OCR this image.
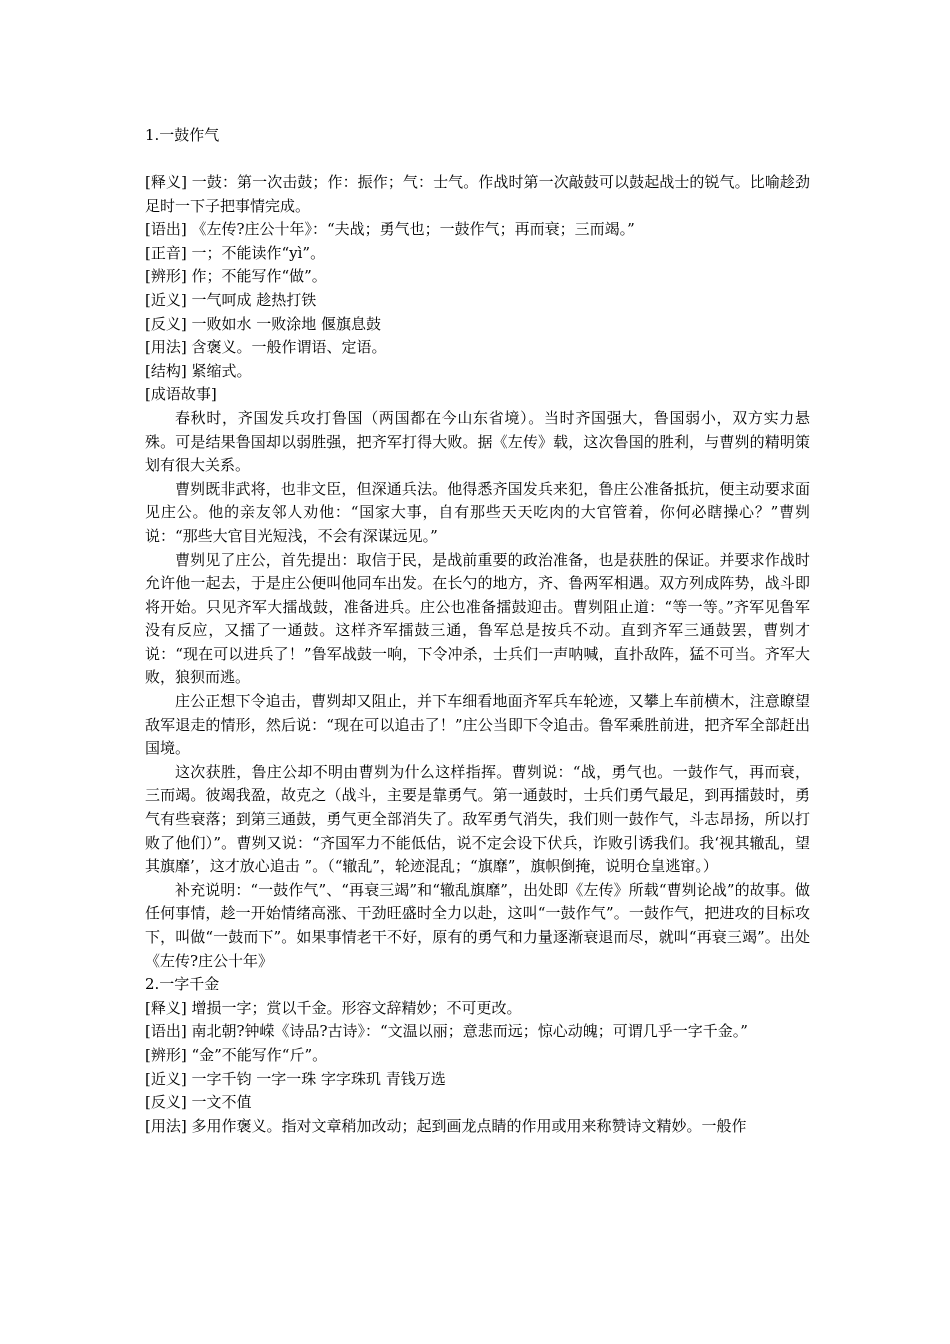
1.一鼓作气

[释义] 一鼓：第一次击鼓；作：振作；气：士气。作战时第一次敲鼓可以鼓起战士的锐气。比喻趁劲足时一下子把事情完成。

[语出] 《左传?庄公十年》：“夫战；勇气也；一鼓作气；再而衰；三而竭。”

[正音] 一；不能读作“yì”。

[辨形] 作；不能写作“做”。

[近义] 一气呵成 趁热打铁

[反义] 一败如水 一败涂地 偃旗息鼓

[用法] 含褒义。一般作谓语、定语。

[结构] 紧缩式。

[成语故事]

春秋时，齐国发兵攻打鲁国（两国都在今山东省境）。当时齐国强大，鲁国弱小，双方实力悬殊。可是结果鲁国却以弱胜强，把齐军打得大败。据《左传》载，这次鲁国的胜利，与曹刿的精明策划有很大关系。

曹刿既非武将，也非文臣，但深通兵法。他得悉齐国发兵来犯，鲁庄公准备抵抗，便主动要求面见庄公。他的亲友邻人劝他：“国家大事，自有那些天天吃肉的大官管着，你何必瞎操心？”曹刿说：“那些大官目光短浅，不会有深谋远见。”

曹刿见了庄公，首先提出：取信于民，是战前重要的政治准备，也是获胜的保证。并要求作战时允许他一起去，于是庄公便叫他同车出发。在长勺的地方，齐、鲁两军相遇。双方列成阵势，战斗即将开始。只见齐军大擂战鼓，准备进兵。庄公也准备擂鼓迎击。曹刿阻止道：“等一等。”齐军见鲁军没有反应，又擂了一通鼓。这样齐军擂鼓三通，鲁军总是按兵不动。直到齐军三通鼓罢，曹刿才说：“现在可以进兵了！”鲁军战鼓一响，下令冲杀，士兵们一声呐喊，直扑敌阵，猛不可当。齐军大败，狼狈而逃。

庄公正想下令追击，曹刿却又阻止，并下车细看地面齐军兵车轮迹，又攀上车前横木，注意瞭望敌军退走的情形，然后说：“现在可以追击了！”庄公当即下令追击。鲁军乘胜前进，把齐军全部赶出国境。

这次获胜，鲁庄公却不明由曹刿为什么这样指挥。曹刿说：“战，勇气也。一鼓作气，再而衰，三而竭。彼竭我盈，故克之（战斗，主要是靠勇气。第一通鼓时，士兵们勇气最足，到再擂鼓时，勇气有些衰落；到第三通鼓，勇气更全部消失了。敌军勇气消失，我们则一鼓作气，斗志昂扬，所以打败了他们）”。曹刿又说：“齐国军力不能低估，说不定会设下伏兵，诈败引诱我们。我‘视其辙乱，望其旗靡’，这才放心追击 ”。（“辙乱”，轮迹混乱；“旗靡”，旗帜倒掩，说明仓皇逃窜。）

补充说明：“一鼓作气”、“再衰三竭”和“辙乱旗靡”，出处即《左传》所载“曹刿论战”的故事。做任何事情，趁一开始情绪高涨、干劲旺盛时全力以赴，这叫“一鼓作气”。一鼓作气，把进攻的目标攻下，叫做“一鼓而下”。如果事情老干不好，原有的勇气和力量逐渐衰退而尽，就叫“再衰三竭”。出处《左传?庄公十年》

2.一字千金

[释义] 增损一字；赏以千金。形容文辞精妙；不可更改。

[语出] 南北朝?钟嵘《诗品?古诗》：“文温以丽；意悲而远；惊心动魄；可谓几乎一字千金。”

[辨形] “金”不能写作“斤”。

[近义] 一字千钧 一字一珠 字字珠玑 青钱万选

[反义] 一文不值

[用法] 多用作褒义。指对文章稍加改动；起到画龙点睛的作用或用来称赞诗文精妙。一般作
